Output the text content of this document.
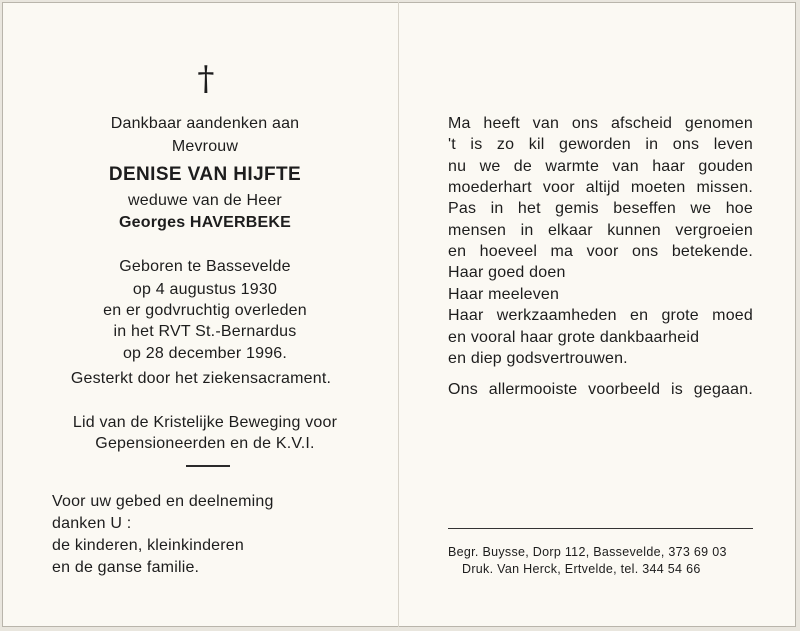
†
Dankbaar aandenken aan
Mevrouw
DENISE VAN HIJFTE
weduwe van de Heer
Georges HAVERBEKE
Geboren te Bassevelde
op 4 augustus 1930
en er godvruchtig overleden
in het RVT St.-Bernardus
op 28 december 1996.
Gesterkt door het ziekensacrament.
Lid van de Kristelijke Beweging voor
Gepensioneerden en de K.V.I.
Voor uw gebed en deelneming
danken U :
de kinderen, kleinkinderen
en de ganse familie.
Ma heeft van ons afscheid genomen
't is zo kil geworden in ons leven
nu we de warmte van haar gouden
moederhart voor altijd moeten missen.
Pas in het gemis beseffen we hoe
mensen in elkaar kunnen vergroeien
en hoeveel ma voor ons betekende.
Haar goed doen
Haar meeleven
Haar werkzaamheden en grote moed
en vooral haar grote dankbaarheid
en diep godsvertrouwen.
Ons allermooiste voorbeeld is gegaan.
Begr. Buysse, Dorp 112, Bassevelde, 373 69 03
Druk. Van Herck, Ertvelde, tel. 344 54 66
